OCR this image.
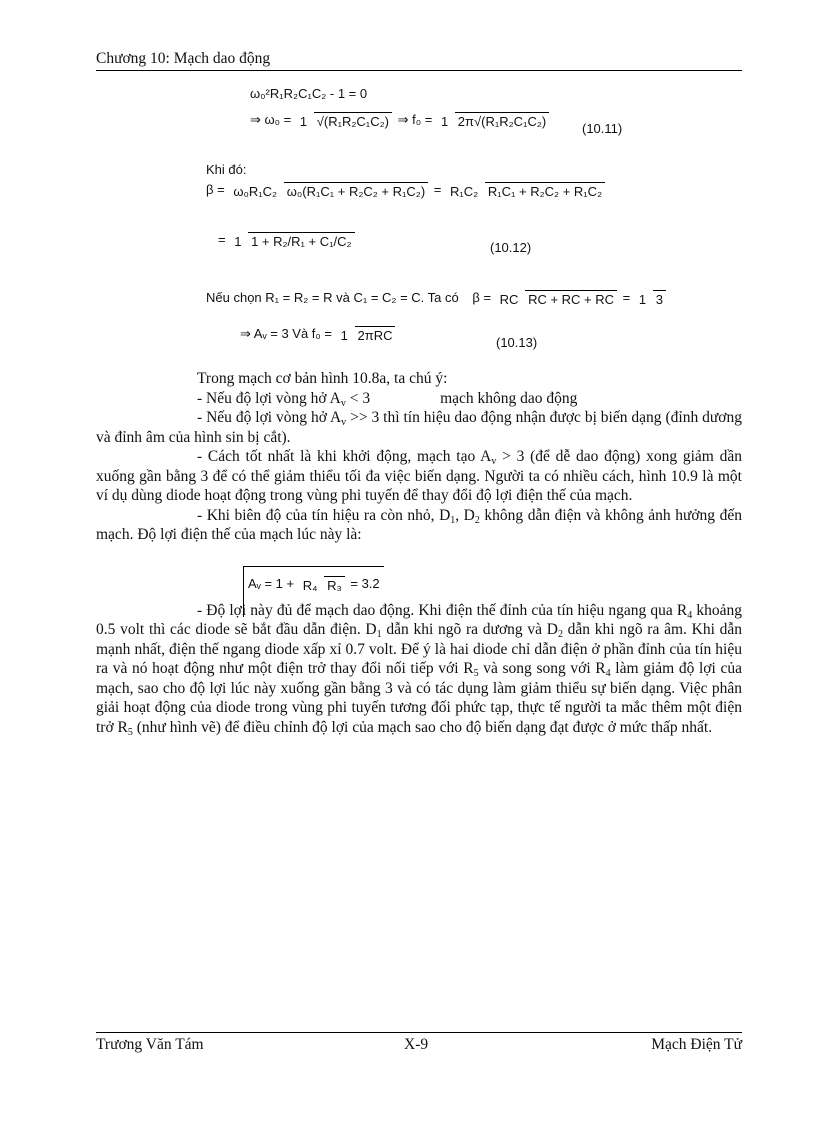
Chương 10: Mạch dao động
ω₀²R₁R₂C₁C₂ - 1 = 0
⇒ ω₀ = 1 √(R₁R₂C₁C₂) ⇒ f₀ = 1 2π√(R₁R₂C₁C₂)	(10.11)
Khi đó:
β = ω₀R₁C₂ ω₀(R₁C₁ + R₂C₂ + R₁C₂) = R₁C₂ R₁C₁ + R₂C₂ + R₁C₂
= 1 1 + R₂/R₁ + C₁/C₂	(10.12)
Nếu chọn R₁ = R₂ = R và C₁ = C₂ = C. Ta có β = RC RC + RC + RC = 1 3
⇒ Aᵥ = 3 Và f₀ = 1 2πRC	(10.13)

Trong mạch cơ bản hình 10.8a, ta chú ý:

- Nếu độ lợi vòng hở $A_v < 3$	mạch không dao động

- Nếu độ lợi vòng hở $A_v >> 3$ thì tín hiệu dao động nhận được bị biến dạng (đỉnh dương và đỉnh âm của hình sin bị cắt).

- Cách tốt nhất là khi khởi động, mạch tạo $A_v > 3$ (để dễ dao động) xong giảm dần xuống gần bằng 3 để có thể giảm thiểu tối đa việc biến dạng. Người ta có nhiều cách, hình 10.9 là một ví dụ dùng diode hoạt động trong vùng phi tuyến để thay đổi độ lợi điện thế của mạch.

- Khi biên độ của tín hiệu ra còn nhỏ, $D_1$, $D_2$ không dẫn điện và không ảnh hưởng đến mạch. Độ lợi điện thế của mạch lúc này là:

- Độ lợi này đủ để mạch dao động. Khi điện thế đỉnh của tín hiệu ngang qua $R_4$ khoảng 0.5 volt thì các diode sẽ bắt đầu dẫn điện. $D_1$ dẫn khi ngõ ra dương và $D_2$ dẫn khi ngõ ra âm. Khi dẫn mạnh nhất, điện thế ngang diode xấp xỉ 0.7 volt. Để ý là hai diode chỉ dẫn điện ở phần đỉnh của tín hiệu ra và nó hoạt động như một điện trở thay đổi nối tiếp với $R_5$ và song song với $R_4$ làm giảm độ lợi của mạch, sao cho độ lợi lúc này xuống gần bằng 3 và có tác dụng làm giảm thiểu sự biến dạng. Việc phân giải hoạt động của diode trong vùng phi tuyến tương đối phức tạp, thực tế người ta mắc thêm một điện trở $R_5$ (như hình vẽ) để điều chỉnh độ lợi của mạch sao cho độ biến dạng đạt được ở mức thấp nhất.

Aᵥ = 1 + R₄ R₃ = 3.2
Trương Văn Tám	X-9	Mạch Điện Tử
